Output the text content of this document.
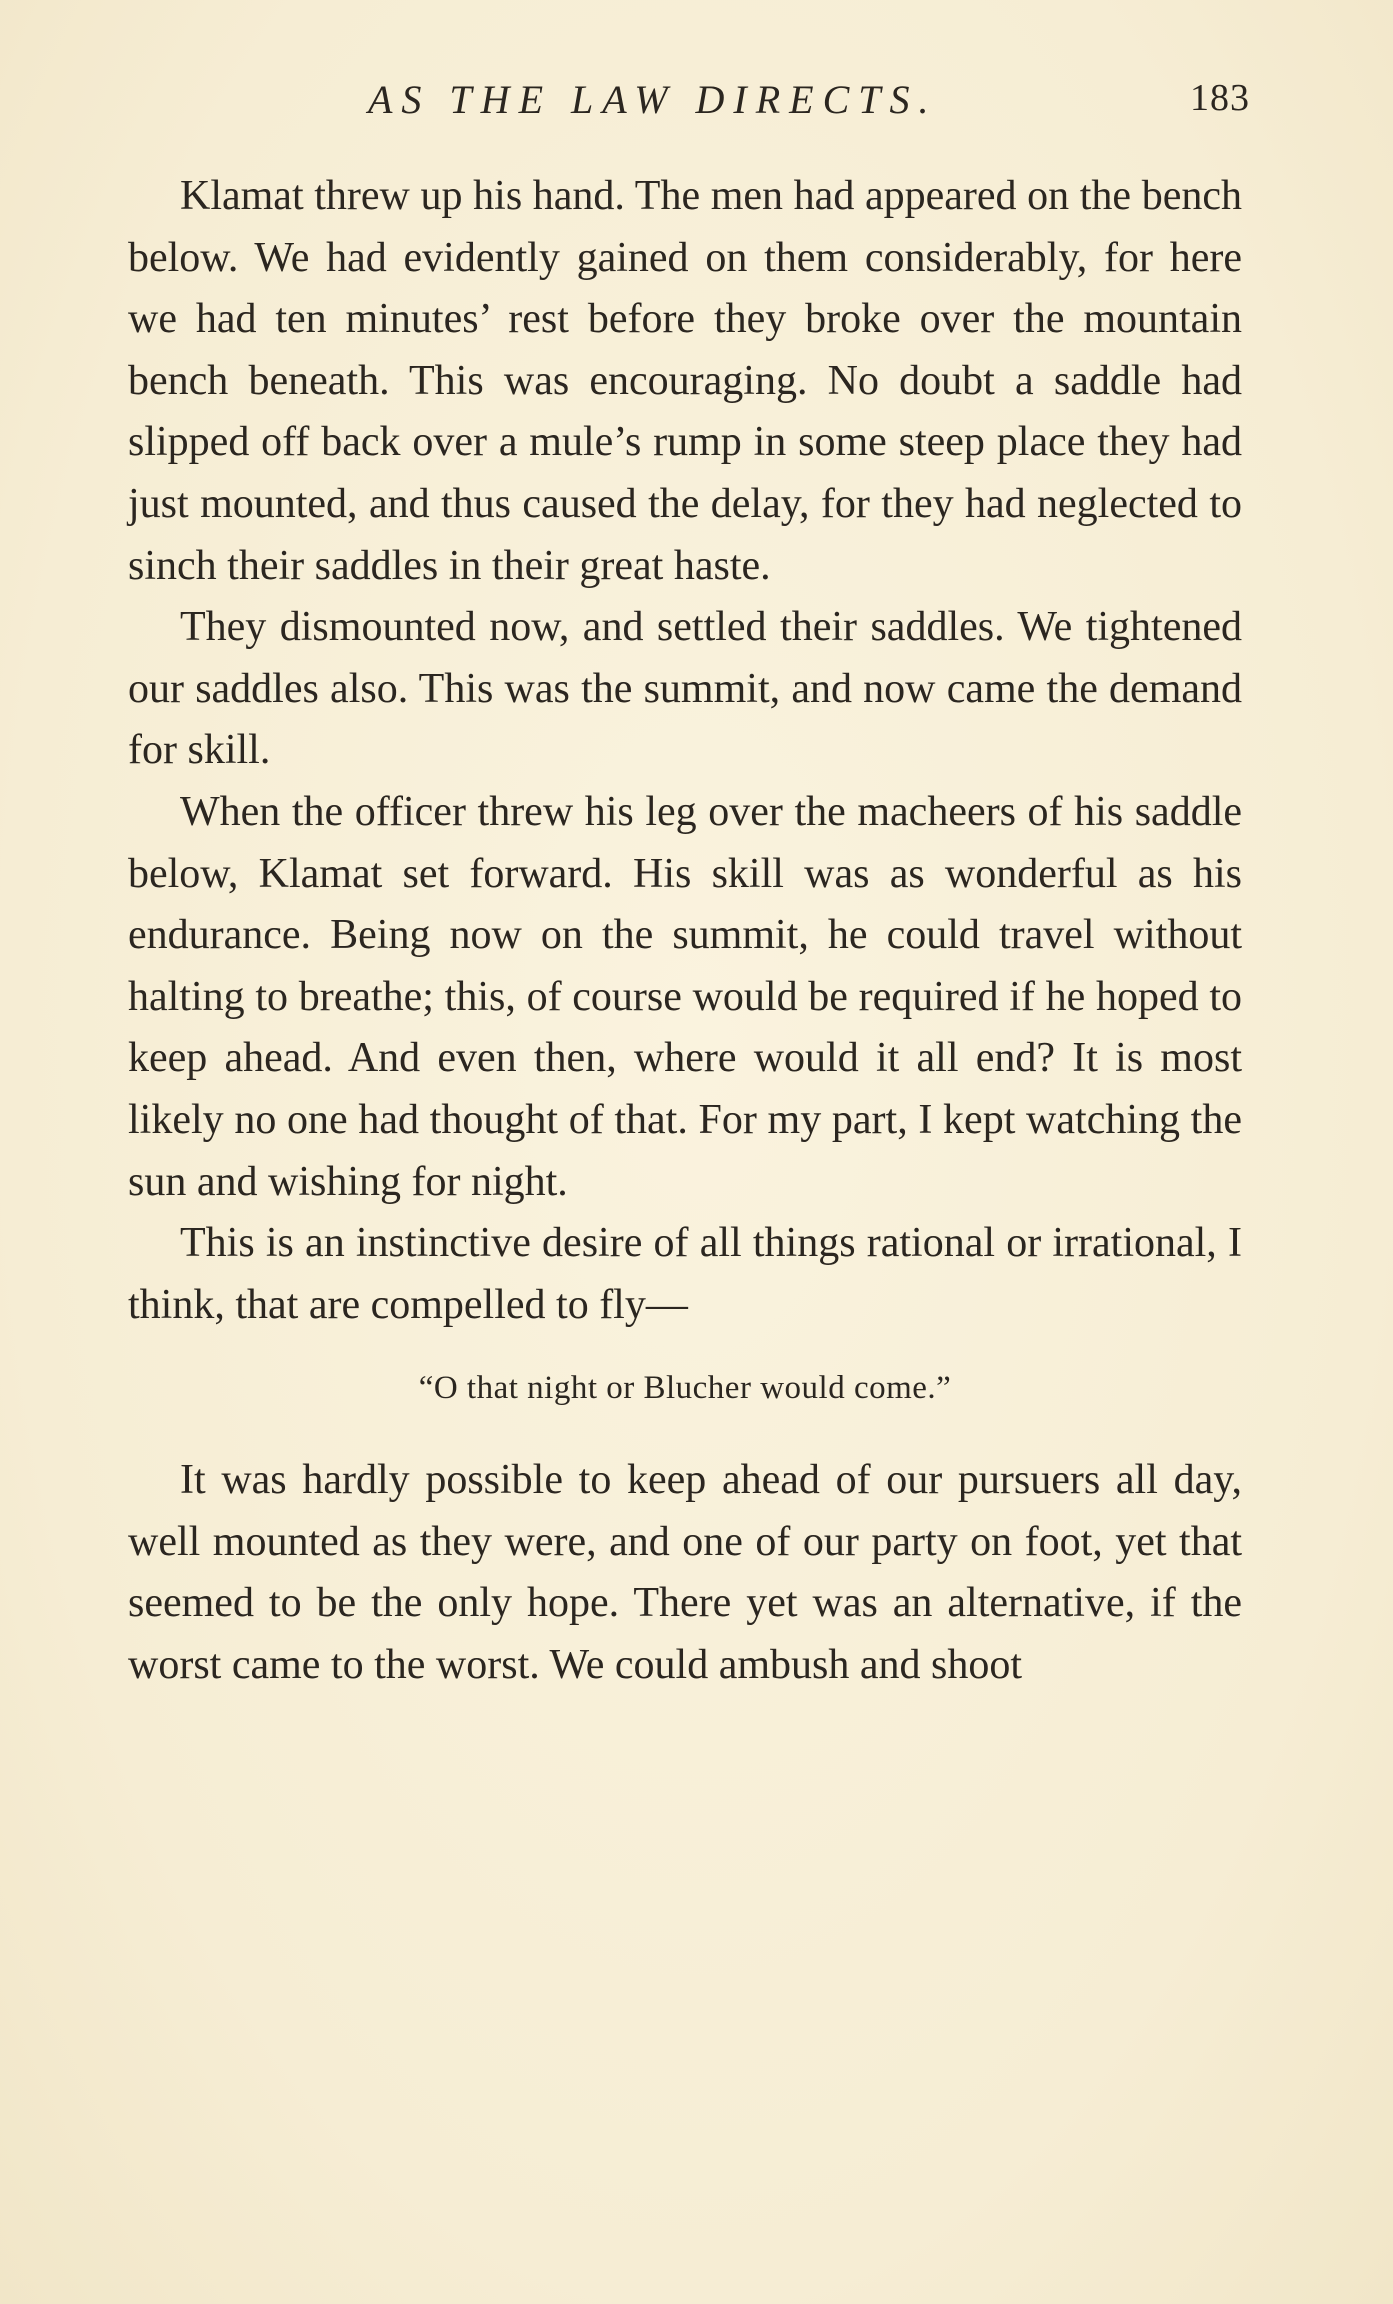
AS THE LAW DIRECTS.	183

Klamat threw up his hand. The men had appeared on the bench below. We had evidently gained on them considerably, for here we had ten minutes’ rest before they broke over the mountain bench beneath. This was encouraging. No doubt a saddle had slipped off back over a mule’s rump in some steep place they had just mounted, and thus caused the delay, for they had neglected to sinch their saddles in their great haste.

They dismounted now, and settled their saddles. We tightened our saddles also. This was the summit, and now came the demand for skill.

When the officer threw his leg over the macheers of his saddle below, Klamat set forward. His skill was as wonderful as his endurance. Being now on the summit, he could travel without halting to breathe; this, of course would be required if he hoped to keep ahead. And even then, where would it all end? It is most likely no one had thought of that. For my part, I kept watching the sun and wishing for night.

This is an instinctive desire of all things rational or irrational, I think, that are compelled to fly—

“O that night or Blucher would come.”

It was hardly possible to keep ahead of our pursuers all day, well mounted as they were, and one of our party on foot, yet that seemed to be the only hope. There yet was an alternative, if the worst came to the worst. We could ambush and shoot
